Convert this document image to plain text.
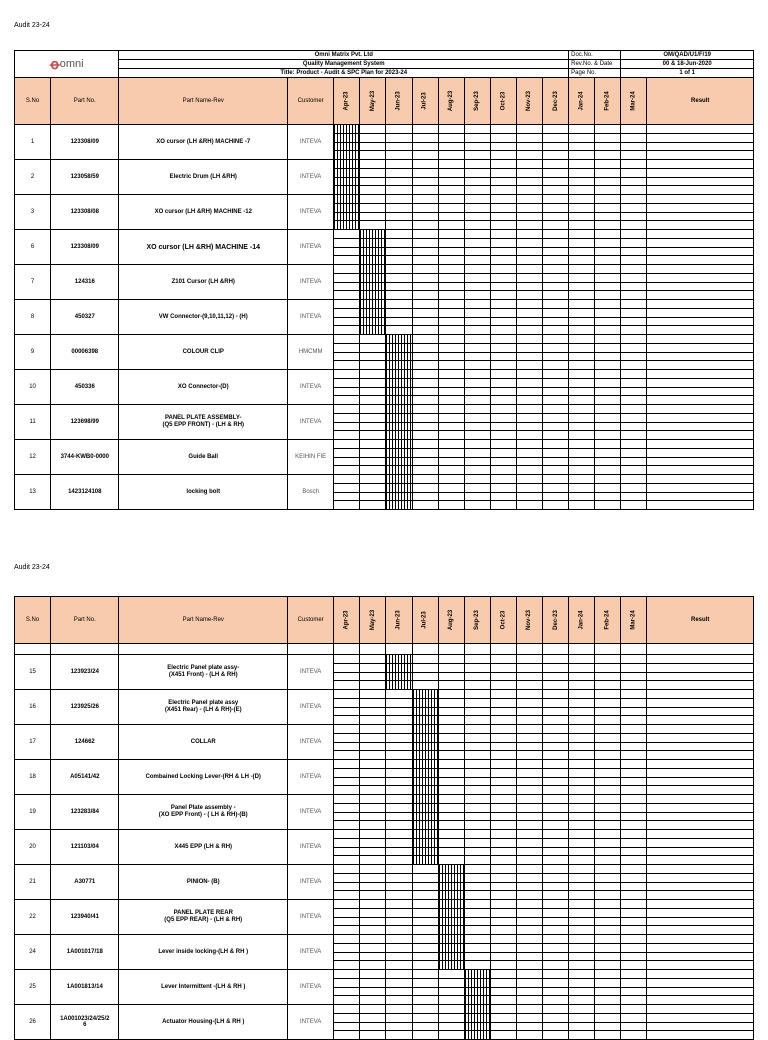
Audit 23-24
ꝋ omni		Omni Matrix Pvt. Ltd											Doc.No.		OM/QAD/U1/F/19	
		Quality Management System											Rev.No. & Date		00 & 18-Jun-2020	
		Title: Product - Audit & SPC Plan for 2023-24											Page No.		1 of 1	
S.No	Part No.	Part Name-Rev	Customer	Apr-23	May-23	Jun-23	Jul-23	Aug-23	Sep-23	Oct-23	Nov-23	Dec-23	Jan-24	Feb-24	Mar-24	Result
1	123308/09	XO cursor (LH &RH) MACHINE -7	INTEVA	

2	123058/59	Electric Drum (LH &RH)	INTEVA	

3	123308/08	XO cursor (LH &RH) MACHINE -12	INTEVA	

6	123308/09	XO cursor (LH &RH) MACHINE -14	INTEVA	

7	124316	Z101 Cursor (LH &RH)	INTEVA	

8	450327	VW Connector-(9,10,11,12) - (H)	INTEVA	

9	00006398	COLOUR CLIP	HMCMM	

10	450336	XO Connector-(D)	INTEVA	

11	123698/99	PANEL PLATE ASSEMBLY-
(Q5 EPP FRONT) - (LH & RH)	INTEVA	

12	3744-KWB0-0000	Guide Ball	KEIHIN FIE	

13	1423124108	locking bolt	Bosch	

Audit 23-24
S.No	Part No.	Part Name-Rev	Customer	Apr-23	May-23	Jun-23	Jul-23	Aug-23	Sep-23	Oct-23	Nov-23	Dec-23	Jan-24	Feb-24	Mar-24	Result

15	123923/24	Electric Panel plate assy-
(X451 Front) - (LH & RH)	INTEVA	

16	123925/26	Electric Panel plate assy
(X451 Rear) - (LH & RH)-(E)	INTEVA	

17	124662	COLLAR	INTEVA	

18	A05141/42	Combained Locking Lever-(RH & LH -(D)	INTEVA	

19	123283/84	Panel Plate assembly -
(XO EPP Front) - ( LH & RH)-(B)	INTEVA	

20	121103/04	X445 EPP (LH & RH)	INTEVA	

21	A30771	PINION- (B)	INTEVA	

22	123940/41	PANEL PLATE REAR
(Q5 EPP REAR) - (LH & RH)	INTEVA	

24	1A001017/18	Lever inside locking-(LH & RH )	INTEVA	

25	1A001813/14	Lever Intermittent -(LH & RH )	INTEVA	

26	1A001023/24/25/2
6	Actuator Housing-(LH & RH )	INTEVA	
